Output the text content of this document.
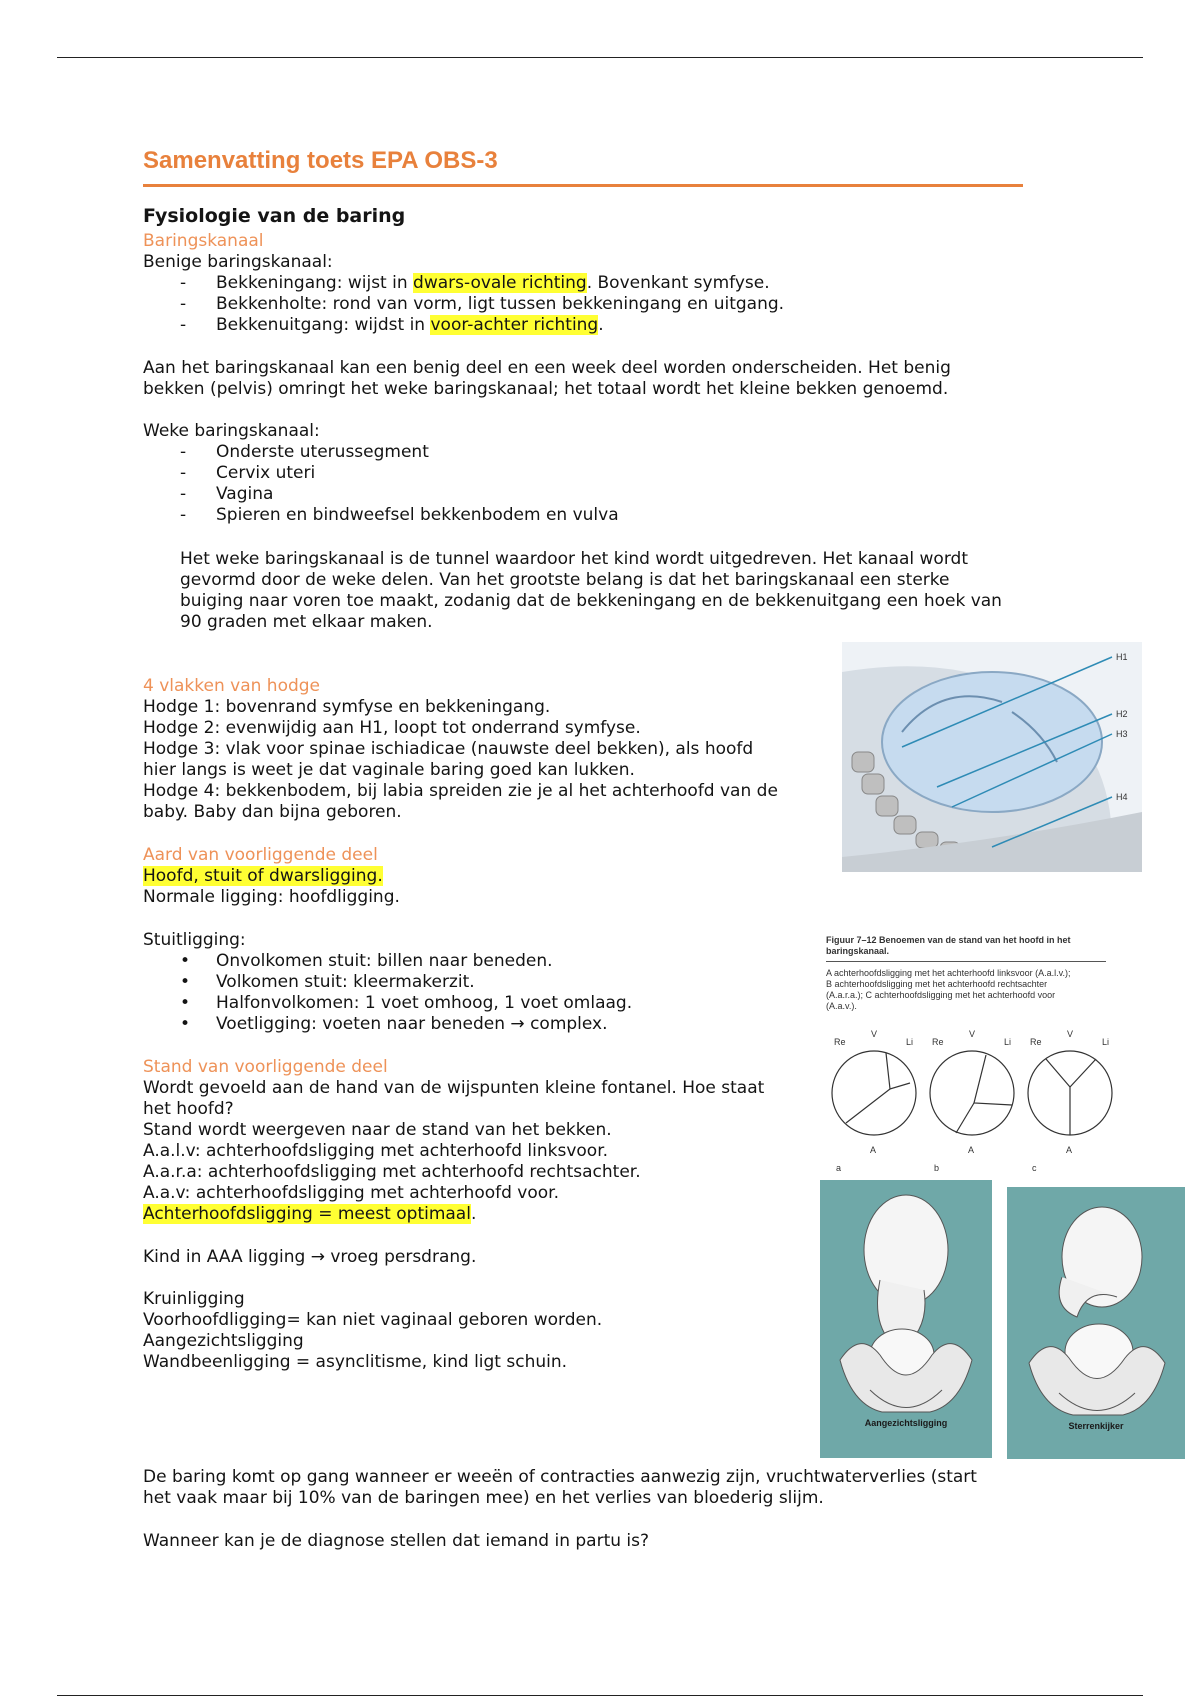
Samenvatting toets EPA OBS-3
Fysiologie van de baring
Baringskanaal
Benige baringskanaal:
- Bekkeningang: wijst in dwars-ovale richting. Bovenkant symfyse.
- Bekkenholte: rond van vorm, ligt tussen bekkeningang en uitgang.
- Bekkenuitgang: wijdst in voor-achter richting.
Aan het baringskanaal kan een benig deel en een week deel worden onderscheiden. Het benig
bekken (pelvis) omringt het weke baringskanaal; het totaal wordt het kleine bekken genoemd.
Weke baringskanaal:
- Onderste uterussegment
- Cervix uteri
- Vagina
- Spieren en bindweefsel bekkenbodem en vulva
Het weke baringskanaal is de tunnel waardoor het kind wordt uitgedreven. Het kanaal wordt
gevormd door de weke delen. Van het grootste belang is dat het baringskanaal een sterke
buiging naar voren toe maakt, zodanig dat de bekkeningang en de bekkenuitgang een hoek van
90 graden met elkaar maken.
4 vlakken van hodge
Hodge 1: bovenrand symfyse en bekkeningang.
Hodge 2: evenwijdig aan H1, loopt tot onderrand symfyse.
Hodge 3: vlak voor spinae ischiadicae (nauwste deel bekken), als hoofd
hier langs is weet je dat vaginale baring goed kan lukken.
Hodge 4: bekkenbodem, bij labia spreiden zie je al het achterhoofd van de
baby. Baby dan bijna geboren.
H1
H2
H3
H4
Aard van voorliggende deel
Hoofd, stuit of dwarsligging.
Normale ligging: hoofdligging.
Stuitligging:
• Onvolkomen stuit: billen naar beneden.
• Volkomen stuit: kleermakerzit.
• Halfonvolkomen: 1 voet omhoog, 1 voet omlaag.
• Voetligging: voeten naar beneden → complex.
Figuur 7–12 Benoemen van de stand van het hoofd in het baringskanaal.
A achterhoofdsligging met het achterhoofd linksvoor (A.a.l.v.); B achterhoofdsligging met het achterhoofd rechtsachter (A.a.r.a.); C achterhoofdsligging met het achterhoofd voor (A.a.v.).
Re
V
Li
A
Re
V
Li
A
Re
V
Li
A
a	b	c
Stand van voorliggende deel
Wordt gevoeld aan de hand van de wijspunten kleine fontanel. Hoe staat
het hoofd?
Stand wordt weergeven naar de stand van het bekken.
A.a.l.v: achterhoofdsligging met achterhoofd linksvoor.
A.a.r.a: achterhoofdsligging met achterhoofd rechtsachter.
A.a.v: achterhoofdsligging met achterhoofd voor.
Achterhoofdsligging = meest optimaal.
Kind in AAA ligging → vroeg persdrang.
Kruinligging
Voorhoofdligging= kan niet vaginaal geboren worden.
Aangezichtsligging
Wandbeenligging = asynclitisme, kind ligt schuin.
Aangezichtsligging	Sterrenkijker
De baring komt op gang wanneer er weeën of contracties aanwezig zijn, vruchtwaterverlies (start
het vaak maar bij 10% van de baringen mee) en het verlies van bloederig slijm.
Wanneer kan je de diagnose stellen dat iemand in partu is?
